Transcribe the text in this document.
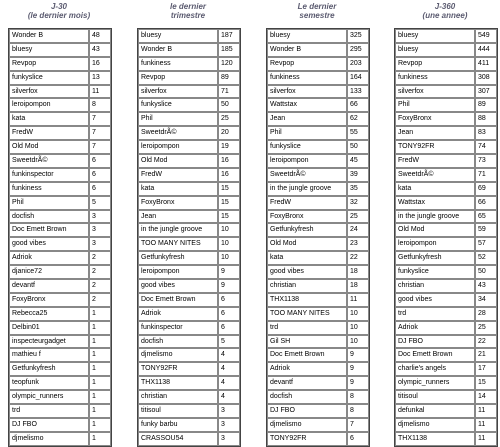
J-30
(le dernier mois)
Wonder B	48
bluesy	43
Revpop	16
funkyslice	13
silverfox	11
leroipompon	8
kata	7
FredW	7
Old Mod	7
SweetdrÃ©	6
funkinspector	6
funkiness	6
Phil	5
docfish	3
Doc Emett Brown	3
good vibes	3
Adriok	2
djanice72	2
devantf	2
FoxyBronx	2
Rebecca25	1
Delbin01	1
inspecteurgadget	1
mathieu f	1
Getfunkyfresh	1
teopfunk	1
olympic_runners	1
trd	1
DJ FBO	1
djmelismo	1
le dernier
trimestre
bluesy	187
Wonder B	185
funkiness	120
Revpop	89
silverfox	71
funkyslice	50
Phil	25
SweetdrÃ©	20
leroipompon	19
Old Mod	16
FredW	16
kata	15
FoxyBronx	15
Jean	15
in the jungle groove	10
TOO MANY NITES	10
Getfunkyfresh	10
leroipompon	9
good vibes	9
Doc Emett Brown	6
Adriok	6
funkinspector	6
docfish	5
djmelismo	4
TONY92FR	4
THX1138	4
christian	4
titisoul	3
funky barbu	3
CRASSOU54	3
Le dernier
semestre
bluesy	325
Wonder B	295
Revpop	203
funkiness	164
silverfox	133
Wattstax	66
Jean	62
Phil	55
funkyslice	50
leroipompon	45
SweetdrÃ©	39
in the jungle groove	35
FredW	32
FoxyBronx	25
Getfunkyfresh	24
Old Mod	23
kata	22
good vibes	18
christian	18
THX1138	11
TOO MANY NITES	10
trd	10
Gil SH	10
Doc Emett Brown	9
Adriok	9
devantf	9
docfish	8
DJ FBO	8
djmelismo	7
TONY92FR	6
J-360
(une annee)
bluesy	549
bluesy	444
Revpop	411
funkiness	308
silverfox	307
Phil	89
FoxyBronx	88
Jean	83
TONY92FR	74
FredW	73
SweetdrÃ©	71
kata	69
Wattstax	66
in the jungle groove	65
Old Mod	59
leroipompon	57
Getfunkyfresh	52
funkyslice	50
christian	43
good vibes	34
trd	28
Adriok	25
DJ FBO	22
Doc Emett Brown	21
charlie's angels	17
olympic_runners	15
titisoul	14
defunkal	11
djmelismo	11
THX1138	11
